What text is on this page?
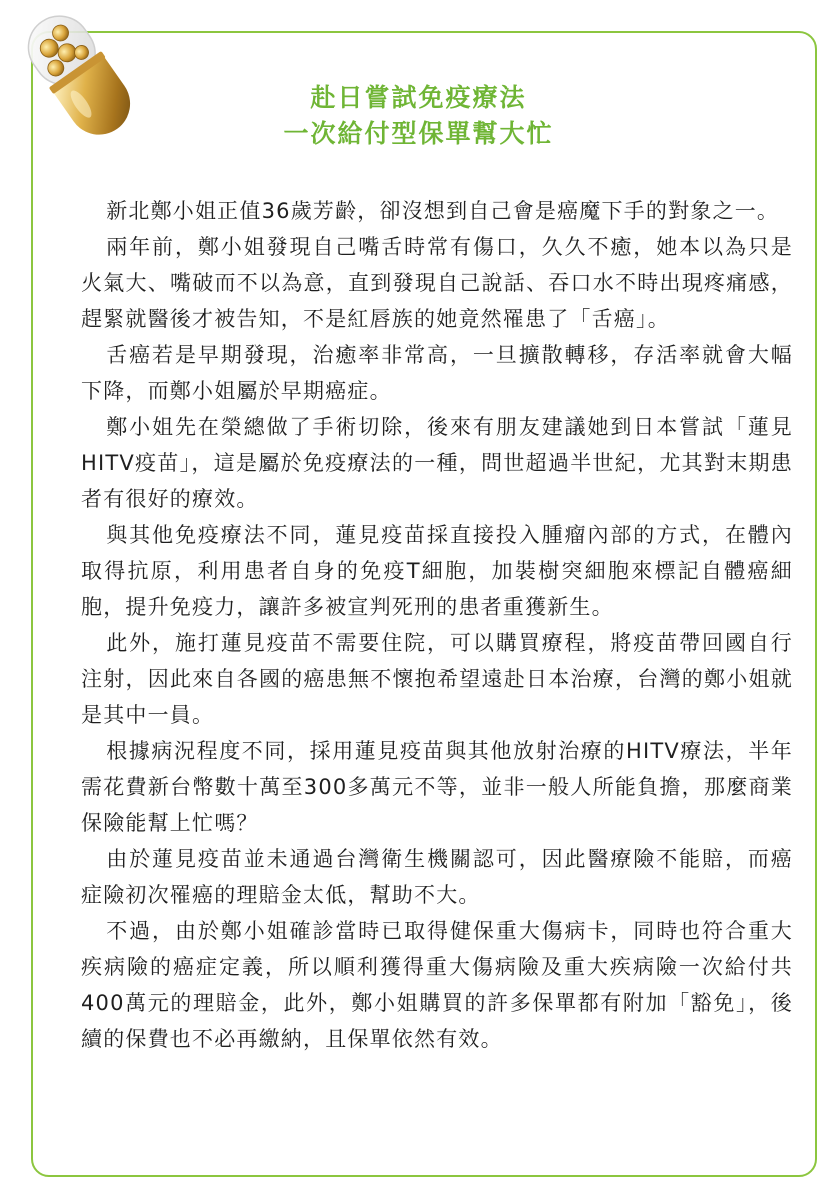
赴日嘗試免疫療法
一次給付型保單幫大忙

新北鄭小姐正值36歲芳齡，卻沒想到自己會是癌魔下手的對象之一。

兩年前，鄭小姐發現自己嘴舌時常有傷口，久久不癒，她本以為只是火氣大、嘴破而不以為意，直到發現自己說話、吞口水不時出現疼痛感，趕緊就醫後才被告知，不是紅唇族的她竟然罹患了「舌癌」。

舌癌若是早期發現，治癒率非常高，一旦擴散轉移，存活率就會大幅下降，而鄭小姐屬於早期癌症。

鄭小姐先在榮總做了手術切除，後來有朋友建議她到日本嘗試「蓮見HITV疫苗」，這是屬於免疫療法的一種，問世超過半世紀，尤其對末期患者有很好的療效。

與其他免疫療法不同，蓮見疫苗採直接投入腫瘤內部的方式，在體內取得抗原，利用患者自身的免疫T細胞，加裝樹突細胞來標記自體癌細胞，提升免疫力，讓許多被宣判死刑的患者重獲新生。

此外，施打蓮見疫苗不需要住院，可以購買療程，將疫苗帶回國自行注射，因此來自各國的癌患無不懷抱希望遠赴日本治療，台灣的鄭小姐就是其中一員。

根據病況程度不同，採用蓮見疫苗與其他放射治療的HITV療法，半年需花費新台幣數十萬至300多萬元不等，並非一般人所能負擔，那麼商業保險能幫上忙嗎？

由於蓮見疫苗並未通過台灣衛生機關認可，因此醫療險不能賠，而癌症險初次罹癌的理賠金太低，幫助不大。

不過，由於鄭小姐確診當時已取得健保重大傷病卡，同時也符合重大疾病險的癌症定義，所以順利獲得重大傷病險及重大疾病險一次給付共400萬元的理賠金，此外，鄭小姐購買的許多保單都有附加「豁免」，後續的保費也不必再繳納，且保單依然有效。
